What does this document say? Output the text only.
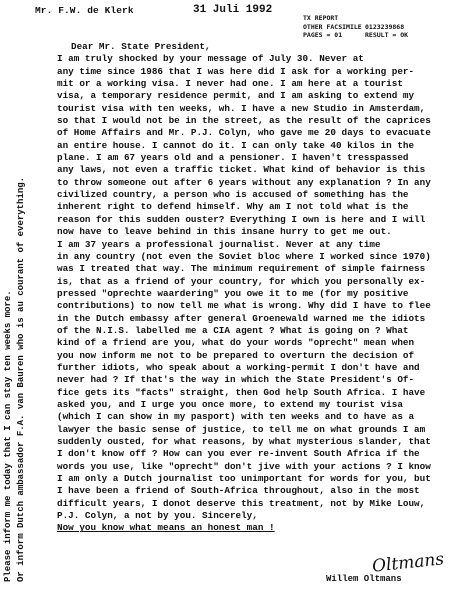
Mr. F.W. de Klerk	31 Juli 1992
TX REPORT
OTHER FACSIMILE 0123239868
PAGES = 01	RESULT = OK
Please inform me today that I can stay ten weeks more. Or inform Dutch ambassador F.A. van Bauren who is au courant of everything.

Dear Mr. State President,

I am truly shocked by your message of July 30. Never at

any time since 1986 that I was here did I ask for a working per-

mit or a working visa. I never had one. I am here at a tourist

visa, a temporary residence permit, and I am asking to extend my

tourist visa with ten weeks, wh. I have a new Studio in Amsterdam,

so that I would not be in the street, as the result of the caprices

of Home Affairs and Mr. P.J. Colyn, who gave me 20 days to evacuate

an entire house. I cannot do it. I can only take 40 kilos in the

plane. I am 67 years old and a pensioner. I haven't tresspassed

any laws, not even a traffic ticket. What kind of behavior is this

to throw someone out after 6 years without any explanation ? In any

civilized country, a person who is accused of something has the

inherent right to defend himself. Why am I not told what is the

reason for this sudden ouster? Everything I own is here and I will

now have to leave behind in this insane hurry to get me out.

I am 37 years a professional journalist. Never at any time

in any country (not even the Soviet bloc where I worked since 1970)

was I treated that way. The minimum requirement of simple fairness

is, that as a friend of your country, for which you personally ex-

pressed "oprechte waardering" you owe it to me (for my positive

contributions) to now tell me what is wrong. Why did I have to flee

in the Dutch embassy after general Groenewald warned me the idiots

of the N.I.S. labelled me a CIA agent ? What is going on ? What

kind of a friend are you, what do your words "oprecht" mean when

you now inform me not to be prepared to overturn the decision of

further idiots, who speak about a working-permit I don't have and

never had ? If that's the way in which the State President's Of-

fice gets its "facts" straight, then God help South Africa. I have

asked you, and I urge you once more, to extend my tourist visa

(which I can show in my pasport) with ten weeks and to have as a

lawyer the basic sense of justice, to tell me on what grounds I am

suddenly ousted, for what reasons, by what mysterious slander, that

I don't know off ? How can you ever re-invent South Africa if the

words you use, like "oprecht" don't jive with your actions ? I know

I am only a Dutch journalist too unimportant for words for you, but

I have been a friend of South-Africa throughout, also in the most

difficult years, I donot deserve this treatment, not by Mike Louw,

P.J. Colyn, a not by you. Sincerely,

Now you know what means an honest man !

Oltmans
Willem Oltmans
